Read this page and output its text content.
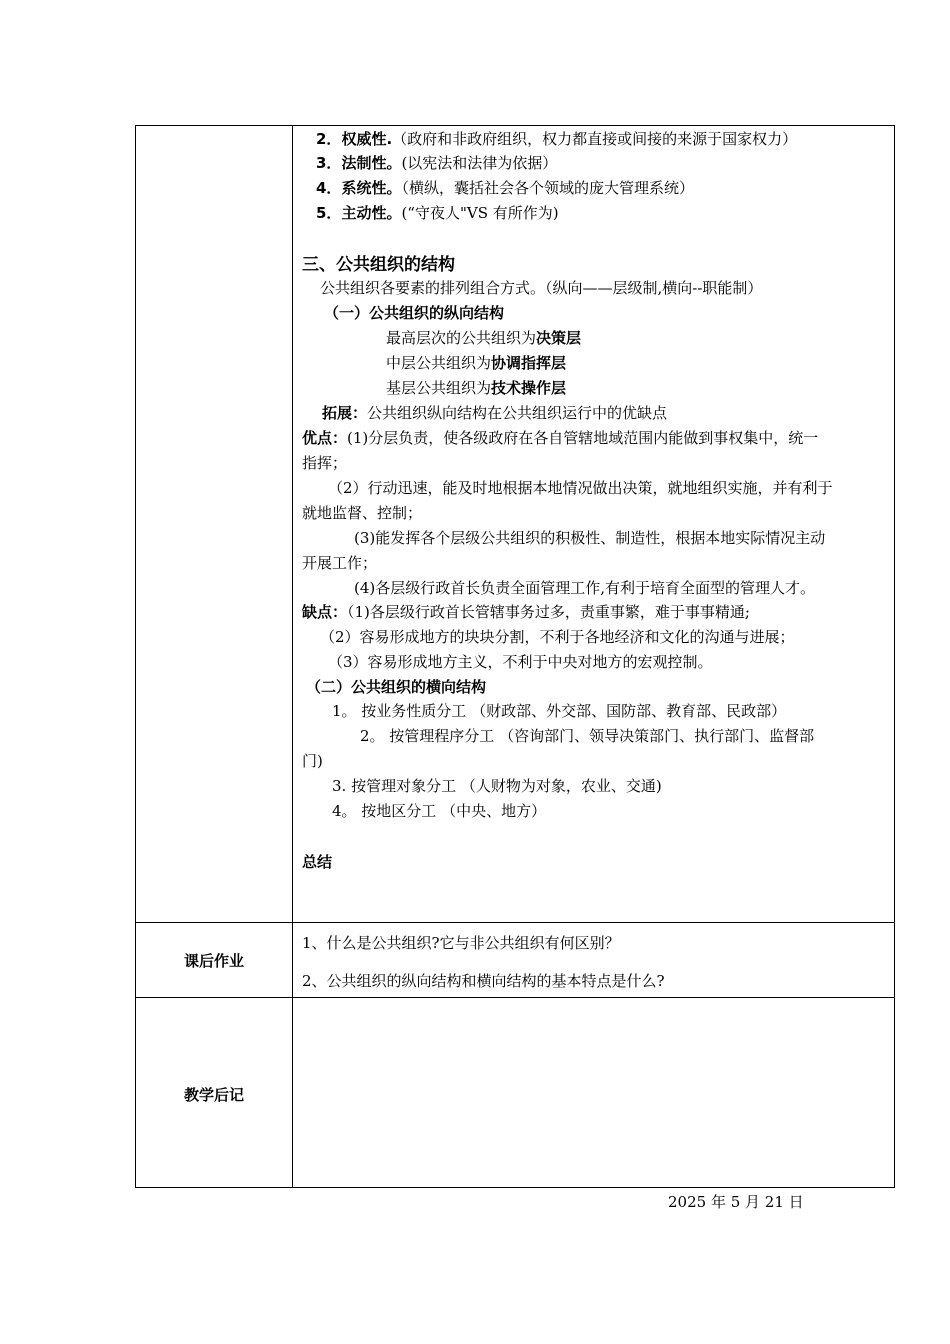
2．权威性.（政府和非政府组织，权力都直接或间接的来源于国家权力）
3．法制性。(以宪法和法律为依据）
4．系统性。（横纵，囊括社会各个领域的庞大管理系统）
5．主动性。(“守夜人"VS 有所作为)
三、公共组织的结构
公共组织各要素的排列组合方式。（纵向——层级制,横向--职能制）
（一）公共组织的纵向结构
最高层次的公共组织为决策层
中层公共组织为协调指挥层
基层公共组织为技术操作层
拓展：公共组织纵向结构在公共组织运行中的优缺点
优点：(1)分层负责，使各级政府在各自管辖地域范围内能做到事权集中，统一
指挥；
（2）行动迅速，能及时地根据本地情况做出决策，就地组织实施，并有利于
就地监督、控制；
(3)能发挥各个层级公共组织的积极性、制造性，根据本地实际情况主动
开展工作；
(4)各层级行政首长负责全面管理工作,有利于培育全面型的管理人才。
缺点：（1)各层级行政首长管辖事务过多，责重事繁，难于事事精通;
（2）容易形成地方的块块分割，不利于各地经济和文化的沟通与进展；
（3）容易形成地方主义，不利于中央对地方的宏观控制。
（二）公共组织的横向结构
1。 按业务性质分工 （财政部、外交部、国防部、教育部、民政部）
2。 按管理程序分工 （咨询部门、领导决策部门、执行部门、监督部
门)
3. 按管理对象分工 （人财物为对象，农业、交通)
4。 按地区分工 （中央、地方）
总结
课后作业
1、什么是公共组织?它与非公共组织有何区别？
2、公共组织的纵向结构和横向结构的基本特点是什么?
教学后记
2025 年 5 月 21 日
